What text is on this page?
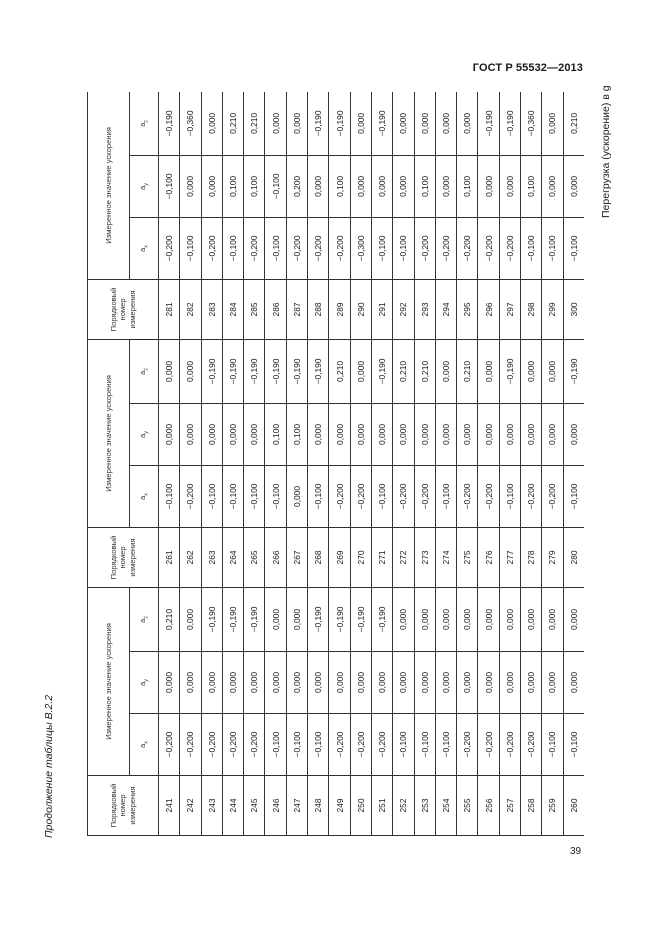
ГОСТ Р 55532—2013
Продолжение таблицы В.2.2
Перегрузка (ускорение) в g
Порядковый номер измерения	Измеренное значение ускорения			Порядковый номер измерения	Измеренное значение ускорения			Порядковый номер измерения	Измеренное значение ускорения		
	$a_x$	$a_y$	$a_z$		$a_x$	$a_y$	$a_z$		$a_x$	$a_y$	$a_z$
241	−0,200	0,000	0,210	261	−0,100	0,000	0,000	281	−0,200	−0,100	−0,190
242	−0,200	0,000	0,000	262	−0,200	0,000	0,000	282	−0,100	0,000	−0,360
243	−0,200	0,000	−0,190	263	−0,100	0,000	−0,190	283	−0,200	0,000	0,000
244	−0,200	0,000	−0,190	264	−0,100	0,000	−0,190	284	−0,100	0,100	0,210
245	−0,200	0,000	−0,190	265	−0,100	0,000	−0,190	285	−0,200	0,100	0,210
246	−0,100	0,000	0,000	266	−0,100	0,100	−0,190	286	−0,100	−0,100	0,000
247	−0,100	0,000	0,000	267	0,000	0,100	−0,190	287	−0,200	0,200	0,000
248	−0,100	0,000	−0,190	268	−0,100	0,000	−0,190	288	−0,200	0,000	−0,190
249	−0,200	0,000	−0,190	269	−0,200	0,000	0,210	289	−0,200	0,100	−0,190
250	−0,200	0,000	−0,190	270	−0,200	0,000	0,000	290	−0,300	0,000	0,000
251	−0,200	0,000	−0,190	271	−0,100	0,000	−0,190	291	−0,100	0,000	−0,190
252	−0,100	0,000	0,000	272	−0,200	0,000	0,210	292	−0,100	0,000	0,000
253	−0,100	0,000	0,000	273	−0,200	0,000	0,210	293	−0,200	0,100	0,000
254	−0,100	0,000	0,000	274	−0,100	0,000	0,000	294	−0,200	0,000	0,000
255	−0,200	0,000	0,000	275	−0,200	0,000	0,210	295	−0,200	0,100	0,000
256	−0,200	0,000	0,000	276	−0,200	0,000	0,000	296	−0,200	0,000	−0,190
257	−0,200	0,000	0,000	277	−0,100	0,000	−0,190	297	−0,200	0,000	−0,190
258	−0,200	0,000	0,000	278	−0,200	0,000	0,000	298	−0,100	0,100	−0,360
259	−0,100	0,000	0,000	279	−0,200	0,000	0,000	299	−0,100	0,000	0,000
260	−0,100	0,000	0,000	280	−0,100	0,000	−0,190	300	−0,100	0,000	0,210
39
